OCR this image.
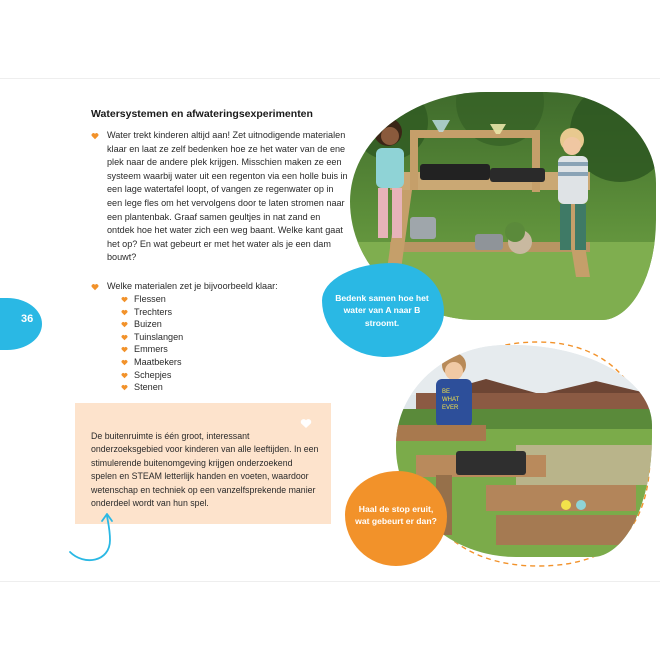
36
Watersystemen en afwateringsexperimenten

Water trekt kinderen altijd aan! Zet uitnodigende materialen klaar en laat ze zelf bedenken hoe ze het water van de ene plek naar de andere plek krijgen. Misschien maken ze een systeem waarbij water uit een regenton via een holle buis in een lage watertafel loopt, of vangen ze regenwater op in een lege fles om het vervolgens door te laten stromen naar een plantenbak. Graaf samen geultjes in nat zand en ontdek hoe het water zich een weg baant. Welke kant gaat het op? En wat gebeurt er met het water als je een dam bouwt?

Welke materialen zet je bijvoorbeeld klaar:

Flessen
Trechters
Buizen
Tuinslangen
Emmers
Maatbekers
Schepjes
Stenen
De buitenruimte is één groot, interessant onderzoeksgebied voor kinderen van alle leeftijden. In een stimulerende buitenomgeving krijgen onderzoekend spelen en STEAM letterlijk handen en voeten, waardoor wetenschap en techniek op een vanzelfsprekende manier onderdeel wordt van hun spel.
BE
WHAT
EVER
Bedenk samen hoe het water van A naar B stroomt.
Haal de stop eruit, wat gebeurt er dan?
